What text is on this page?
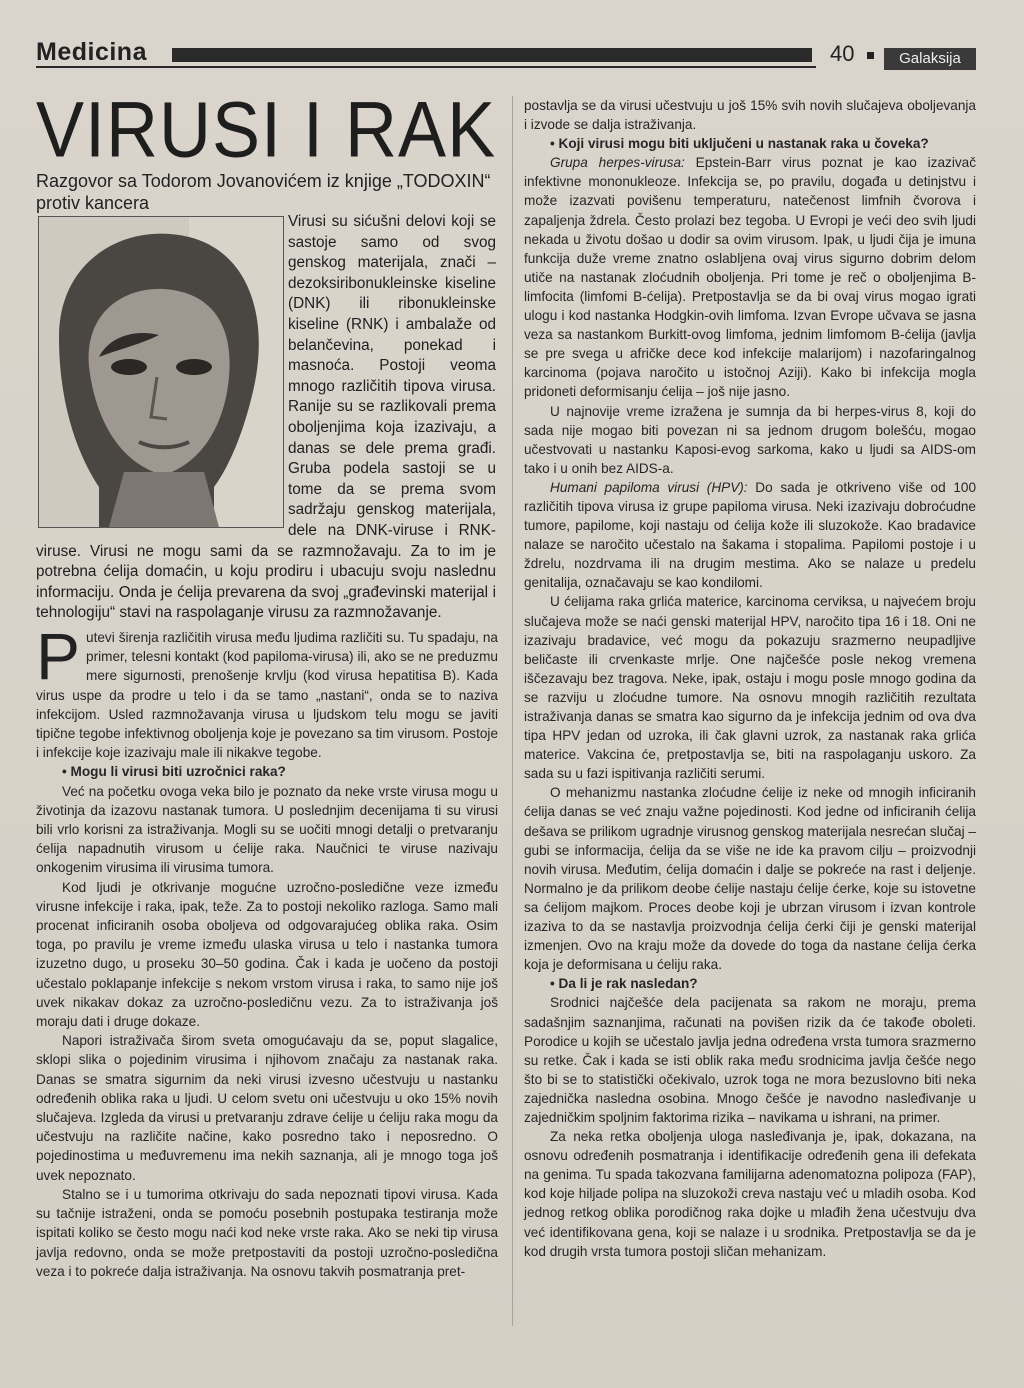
Medicina	40	Galaksija
VIRUSI I RAK
Razgovor sa Todorom Jovanovićem iz knjige „TODOXIN“ protiv kancera
Virusi su sićušni delovi koji se sastoje samo od svog genskog materijala, znači – dezoksiribonukleinske kiseline (DNK) ili ribonukleinske kiseline (RNK) i ambalaže od belančevina, ponekad i masnoća. Postoji veoma mnogo različitih tipova virusa. Ranije su se razlikovali prema oboljenjima koja izazivaju, a danas se dele prema građi. Gruba podela sastoji se u tome da se prema svom sadržaju genskog materijala, dele na DNK-viruse i RNK-viruse. Virusi ne mogu sami da se razmnožavaju. Za to im je potrebna ćelija domaćin, u koju prodiru i ubacuju svoju naslednu informaciju. Onda je ćelija prevarena da svoj „građevinski materijal i tehnologiju“ stavi na raspolaganje virusu za razmnožavanje.

Putevi širenja različitih virusa među ljudima različiti su. Tu spadaju, na primer, telesni kontakt (kod papiloma-virusa) ili, ako se ne preduzmu mere sigurnosti, prenošenje krvlju (kod virusa hepatitisa B). Kada virus uspe da prodre u telo i da se tamo „nastani“, onda se to naziva infekcijom. Usled razmnožavanja virusa u ljudskom telu mogu se javiti tipične tegobe infektivnog oboljenja koje je povezano sa tim virusom. Postoje i infekcije koje izazivaju male ili nikakve tegobe.

• Mogu li virusi biti uzročnici raka?

Već na početku ovoga veka bilo je poznato da neke vrste virusa mogu u životinja da izazovu nastanak tumora. U poslednjim decenijama ti su virusi bili vrlo korisni za istraživanja. Mogli su se uočiti mnogi detalji o pretvaranju ćelija napadnutih virusom u ćelije raka. Naučnici te viruse nazivaju onkogenim virusima ili virusima tumora.

Kod ljudi je otkrivanje mogućne uzročno-posledične veze između virusne infekcije i raka, ipak, teže. Za to postoji nekoliko razloga. Samo mali procenat inficiranih osoba oboljeva od odgovarajućeg oblika raka. Osim toga, po pravilu je vreme između ulaska virusa u telo i nastanka tumora izuzetno dugo, u proseku 30–50 godina. Čak i kada je uočeno da postoji učestalo poklapanje infekcije s nekom vrstom virusa i raka, to samo nije još uvek nikakav dokaz za uzročno-posledičnu vezu. Za to istraživanja još moraju dati i druge dokaze.

Napori istraživača širom sveta omogućavaju da se, poput slagalice, sklopi slika o pojedinim virusima i njihovom značaju za nastanak raka. Danas se smatra sigurnim da neki virusi izvesno učestvuju u nastanku određenih oblika raka u ljudi. U celom svetu oni učestvuju u oko 15% novih slučajeva. Izgleda da virusi u pretvaranju zdrave ćelije u ćeliju raka mogu da učestvuju na različite načine, kako posredno tako i neposredno. O pojedinostima u međuvremenu ima nekih saznanja, ali je mnogo toga još uvek nepoznato.

Stalno se i u tumorima otkrivaju do sada nepoznati tipovi virusa. Kada su tačnije istraženi, onda se pomoću posebnih postupaka testiranja može ispitati koliko se često mogu naći kod neke vrste raka. Ako se neki tip virusa javlja redovno, onda se može pretpostaviti da postoji uzročno-posledična veza i to pokreće dalja istraživanja. Na osnovu takvih posmatranja pret-

postavlja se da virusi učestvuju u još 15% svih novih slučajeva oboljevanja i izvode se dalja istraživanja.

• Koji virusi mogu biti uključeni u nastanak raka u čoveka?

Grupa herpes-virusa: Epstein-Barr virus poznat je kao izazivač infektivne mononukleoze. Infekcija se, po pravilu, događa u detinjstvu i može izazvati povišenu temperaturu, natečenost limfnih čvorova i zapaljenja ždrela. Često prolazi bez tegoba. U Evropi je veći deo svih ljudi nekada u životu došao u dodir sa ovim virusom. Ipak, u ljudi čija je imuna funkcija duže vreme znatno oslabljena ovaj virus sigurno dobrim delom utiče na nastanak zloćudnih oboljenja. Pri tome je reč o oboljenjima B-limfocita (limfomi B-ćelija). Pretpostavlja se da bi ovaj virus mogao igrati ulogu i kod nastanka Hodgkin-ovih limfoma. Izvan Evrope učvava se jasna veza sa nastankom Burkitt-ovog limfoma, jednim limfomom B-ćelija (javlja se pre svega u afričke dece kod infekcije malarijom) i nazofaringalnog karcinoma (pojava naročito u istočnoj Aziji). Kako bi infekcija mogla pridoneti deformisanju ćelija – još nije jasno.

U najnovije vreme izražena je sumnja da bi herpes-virus 8, koji do sada nije mogao biti povezan ni sa jednom drugom bolešću, mogao učestvovati u nastanku Kaposi-evog sarkoma, kako u ljudi sa AIDS-om tako i u onih bez AIDS-a.

Humani papiloma virusi (HPV): Do sada je otkriveno više od 100 različitih tipova virusa iz grupe papiloma virusa. Neki izazivaju dobroćudne tumore, papilome, koji nastaju od ćelija kože ili sluzokože. Kao bradavice nalaze se naročito učestalo na šakama i stopalima. Papilomi postoje i u ždrelu, nozdrvama ili na drugim mestima. Ako se nalaze u predelu genitalija, označavaju se kao kondilomi.

U ćelijama raka grlića materice, karcinoma cerviksa, u najvećem broju slučajeva može se naći genski materijal HPV, naročito tipa 16 i 18. Oni ne izazivaju bradavice, već mogu da pokazuju srazmerno neupadljive beličaste ili crvenkaste mrlje. One najčešće posle nekog vremena iščezavaju bez tragova. Neke, ipak, ostaju i mogu posle mnogo godina da se razviju u zloćudne tumore. Na osnovu mnogih različitih rezultata istraživanja danas se smatra kao sigurno da je infekcija jednim od ova dva tipa HPV jedan od uzroka, ili čak glavni uzrok, za nastanak raka grlića materice. Vakcina će, pretpostavlja se, biti na raspolaganju uskoro. Za sada su u fazi ispitivanja različiti serumi.

O mehanizmu nastanka zloćudne ćelije iz neke od mnogih inficiranih ćelija danas se već znaju važne pojedinosti. Kod jedne od inficiranih ćelija dešava se prilikom ugradnje virusnog genskog materijala nesrećan slučaj – gubi se informacija, ćelija da se više ne ide ka pravom cilju – proizvodnji novih virusa. Međutim, ćelija domaćin i dalje se pokreće na rast i deljenje. Normalno je da prilikom deobe ćelije nastaju ćelije ćerke, koje su istovetne sa ćelijom majkom. Proces deobe koji je ubrzan virusom i izvan kontrole izaziva to da se nastavlja proizvodnja ćelija ćerki čiji je genski materijal izmenjen. Ovo na kraju može da dovede do toga da nastane ćelija ćerka koja je deformisana u ćeliju raka.

• Da li je rak nasledan?

Srodnici najčešće dela pacijenata sa rakom ne moraju, prema sadašnjim saznanjima, računati na povišen rizik da će takođe oboleti. Porodice u kojih se učestalo javlja jedna određena vrsta tumora srazmerno su retke. Čak i kada se isti oblik raka među srodnicima javlja češće nego što bi se to statistički očekivalo, uzrok toga ne mora bezuslovno biti neka zajednička nasledna osobina. Mnogo češće je navodno nasleđivanje u zajedničkim spoljnim faktorima rizika – navikama u ishrani, na primer.

Za neka retka oboljenja uloga nasleđivanja je, ipak, dokazana, na osnovu određenih posmatranja i identifikacije određenih gena ili defekata na genima. Tu spada takozvana familijarna adenomatozna polipoza (FAP), kod koje hiljade polipa na sluzokoži creva nastaju već u mladih osoba. Kod jednog retkog oblika porodičnog raka dojke u mlađih žena učestvuju dva već identifikovana gena, koji se nalaze i u srodnika. Pretpostavlja se da je kod drugih vrsta tumora postoji sličan mehanizam.
